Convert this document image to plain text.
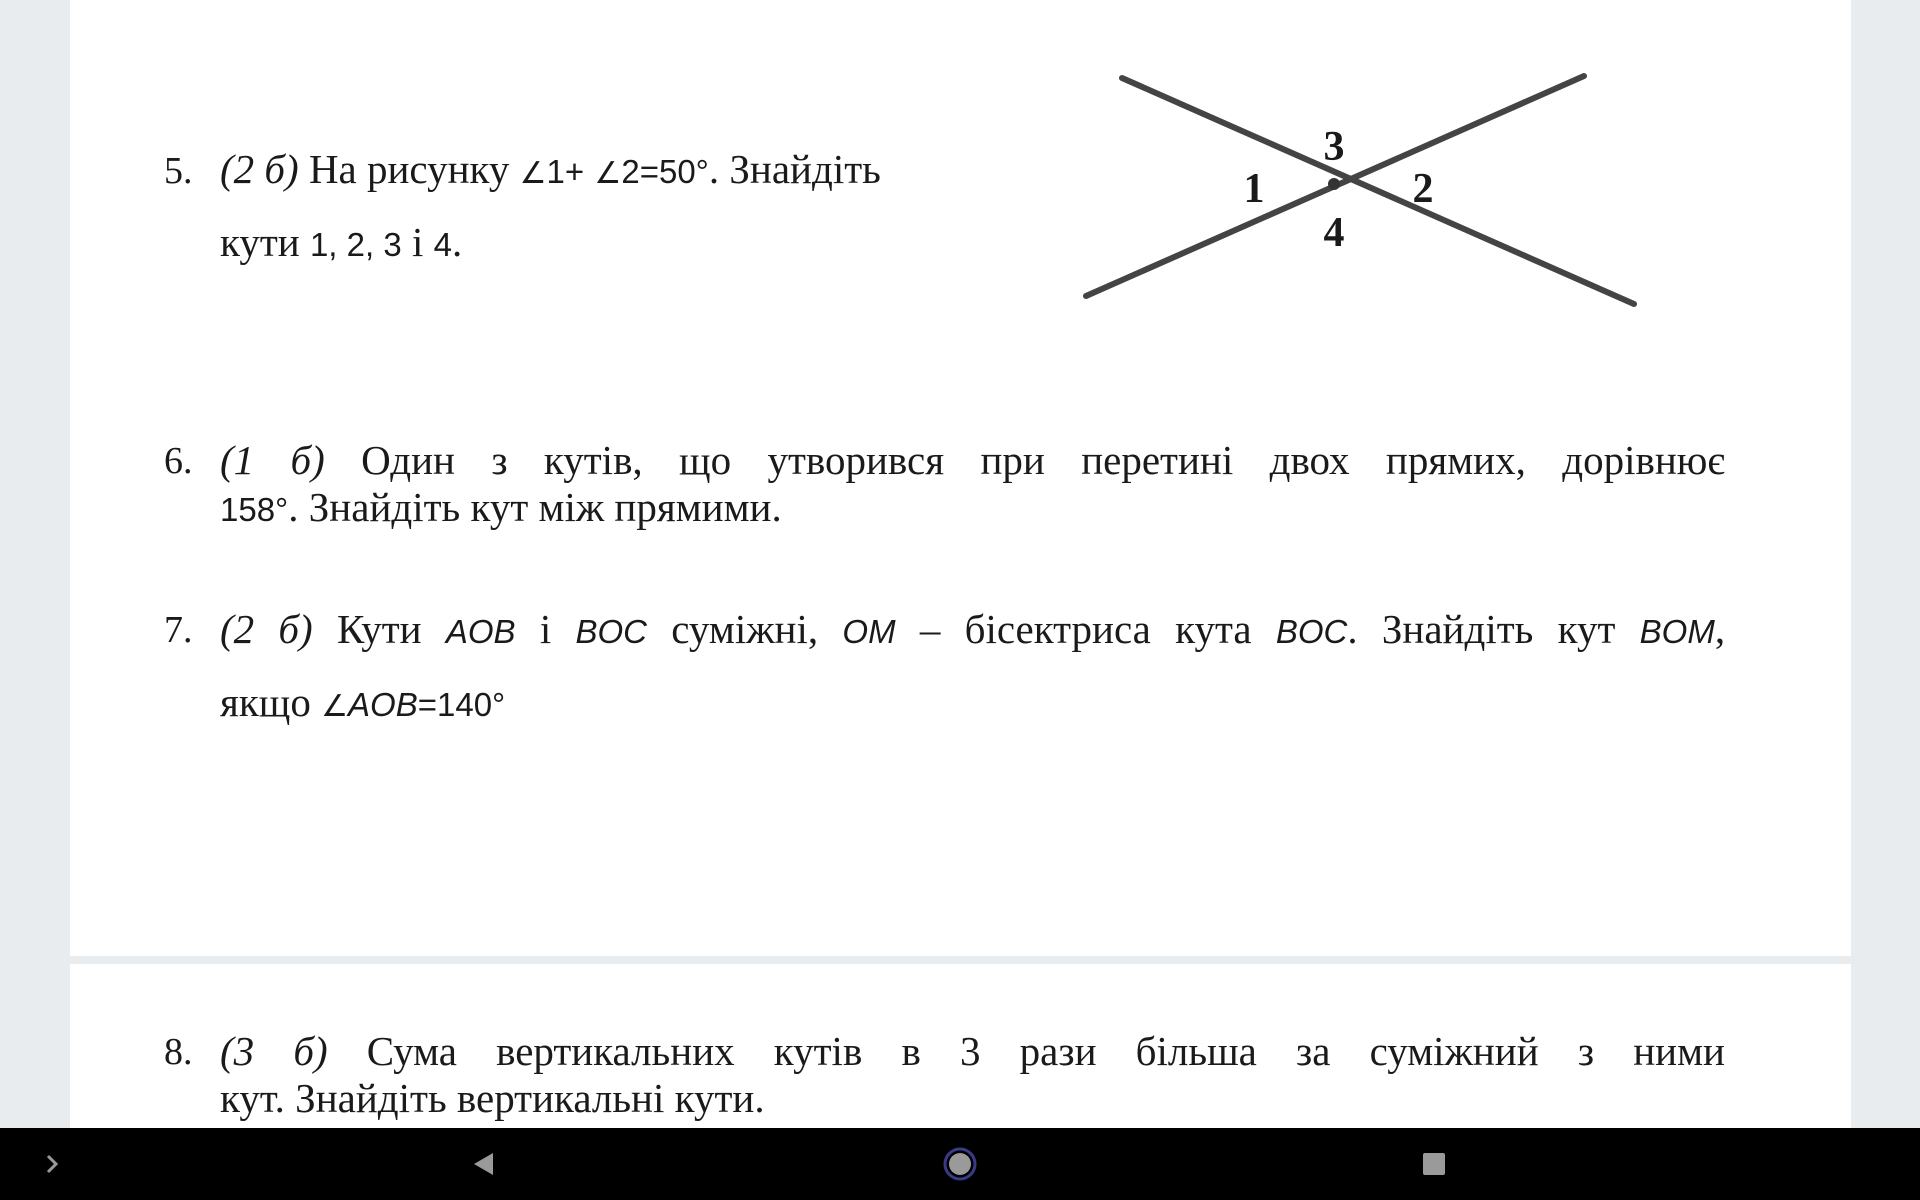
5. (2 б) На рисунку ∠1+ ∠2=50°. Знайдіть
кути 1, 2, 3 і 4.
1	2
3
4
6. (1 б) Один з кутів, що утворився при перетині двох прямих, дорівнює
158°. Знайдіть кут між прямими.
7. (2 б) Кути AOB і BOC суміжні, OM – бісектриса кута BOC. Знайдіть кут BOM,
якщо ∠AOB=140°
8. (3 б) Сума вертикальних кутів в 3 рази більша за суміжний з ними
кут. Знайдіть вертикальні кути.
